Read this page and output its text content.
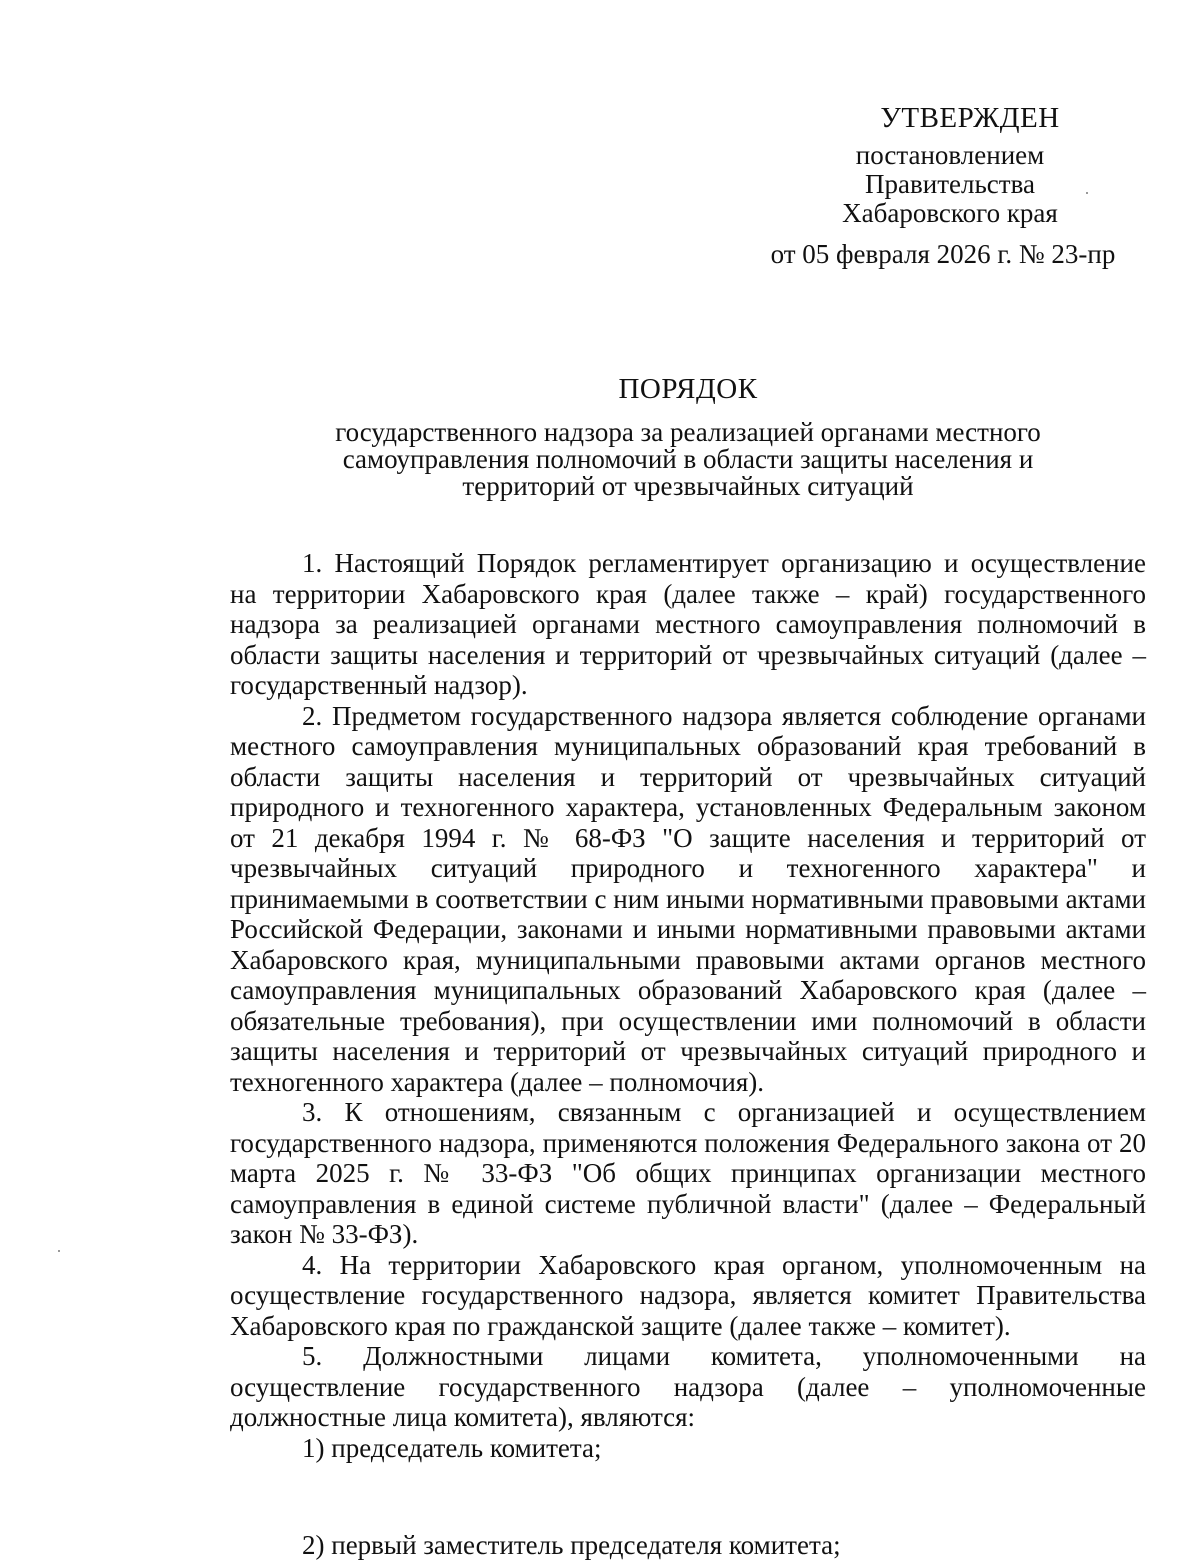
УТВЕРЖДЕН
постановлением
Правительства
Хабаровского края
от 05 февраля 2026 г. № 23-пр
ПОРЯДОК
государственного надзора за реализацией органами местного
самоуправления полномочий в области защиты населения и
территорий от чрезвычайных ситуаций

1. Настоящий Порядок регламентирует организацию и осуществление на территории Хабаровского края (далее также – край) государственного надзора за реализацией органами местного самоуправления полномочий в области защиты населения и территорий от чрезвычайных ситуаций (далее – государственный надзор).

2. Предметом государственного надзора является соблюдение органами местного самоуправления муниципальных образований края требований в области защиты населения и территорий от чрезвычайных ситуаций природного и техногенного характера, установленных Федеральным законом от 21 декабря 1994 г. № 68-ФЗ "О защите населения и территорий от чрезвычайных ситуаций природного и техногенного характера" и принимаемыми в соответствии с ним иными нормативными правовыми актами Российской Федерации, законами и иными нормативными правовыми актами Хабаровского края, муниципальными правовыми актами органов местного самоуправления муниципальных образований Хабаровского края (далее – обязательные требования), при осуществлении ими полномочий в области защиты населения и территорий от чрезвычайных ситуаций природного и техногенного характера (далее – полномочия).

3. К отношениям, связанным с организацией и осуществлением государственного надзора, применяются положения Федерального закона от 20 марта 2025 г. № 33-ФЗ "Об общих принципах организации местного самоуправления в единой системе публичной власти" (далее – Федеральный закон № 33-ФЗ).

4. На территории Хабаровского края органом, уполномоченным на осуществление государственного надзора, является комитет Правительства Хабаровского края по гражданской защите (далее также – комитет).

5. Должностными лицами комитета, уполномоченными на осуществление государственного надзора (далее – уполномоченные должностные лица комитета), являются:

1) председатель комитета;

2) первый заместитель председателя комитета;
